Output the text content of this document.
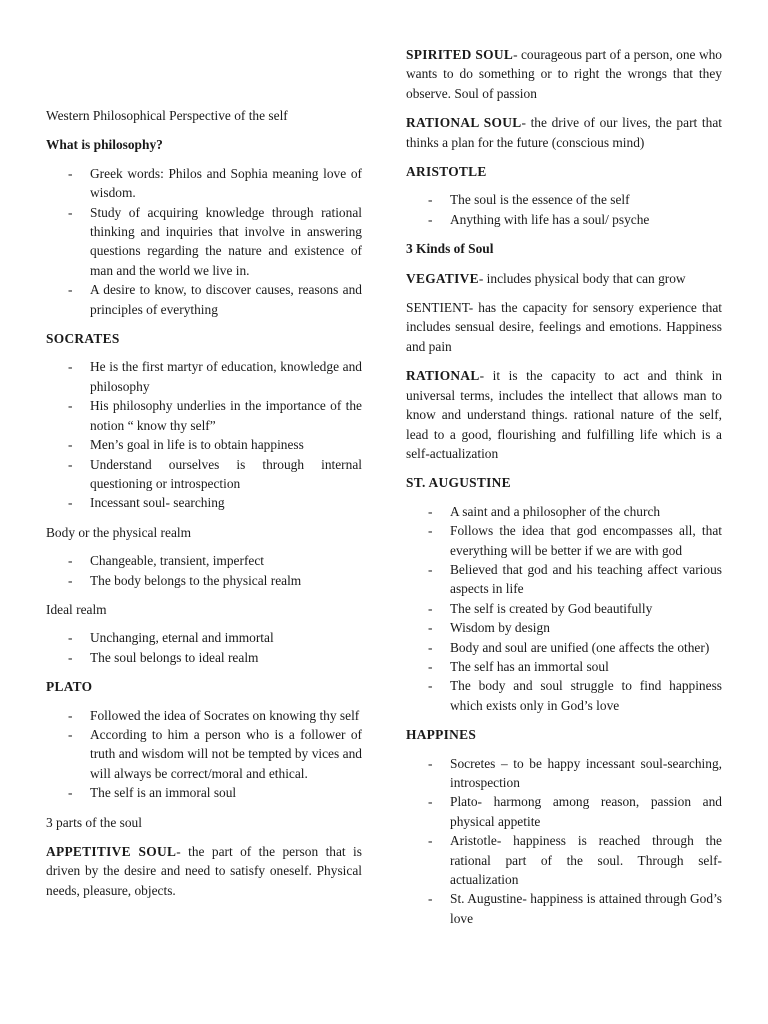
Western Philosophical Perspective of the self

What is philosophy?

- Greek words: Philos and Sophia meaning love of wisdom.
- Study of acquiring knowledge through rational thinking and inquiries that involve in answering questions regarding the nature and existence of man and the world we live in.
- A desire to know, to discover causes, reasons and principles of everything

SOCRATES

- He is the first martyr of education, knowledge and philosophy
- His philosophy underlies in the importance of the notion “ know thy self”
- Men’s goal in life is to obtain happiness
- Understand ourselves is through internal questioning or introspection
- Incessant soul- searching

Body or the physical realm

- Changeable, transient, imperfect
- The body belongs to the physical realm

Ideal realm

- Unchanging, eternal and immortal
- The soul belongs to ideal realm

PLATO

- Followed the idea of Socrates on knowing thy self
- According to him a person who is a follower of truth and wisdom will not be tempted by vices and will always be correct/moral and ethical.
- The self is an immoral soul

3 parts of the soul

APPETITIVE SOUL- the part of the person that is driven by the desire and need to satisfy oneself. Physical needs, pleasure, objects.

SPIRITED SOUL- courageous part of a person, one who wants to do something or to right the wrongs that they observe. Soul of passion

RATIONAL SOUL- the drive of our lives, the part that thinks a plan for the future (conscious mind)

ARISTOTLE

- The soul is the essence of the self
- Anything with life has a soul/ psyche

3 Kinds of Soul

VEGATIVE- includes physical body that can grow

SENTIENT- has the capacity for sensory experience that includes sensual desire, feelings and emotions. Happiness and pain

RATIONAL- it is the capacity to act and think in universal terms, includes the intellect that allows man to know and understand things. rational nature of the self, lead to a good, flourishing and fulfilling life which is a self-actualization

ST. AUGUSTINE

- A saint and a philosopher of the church
- Follows the idea that god encompasses all, that everything will be better if we are with god
- Believed that god and his teaching affect various aspects in life
- The self is created by God beautifully
- Wisdom by design
- Body and soul are unified (one affects the other)
- The self has an immortal soul
- The body and soul struggle to find happiness which exists only in God’s love

HAPPINES

- Socretes – to be happy incessant soul-searching, introspection
- Plato- harmong among reason, passion and physical appetite
- Aristotle- happiness is reached through the rational part of the soul. Through self-actualization
- St. Augustine- happiness is attained through God’s love
